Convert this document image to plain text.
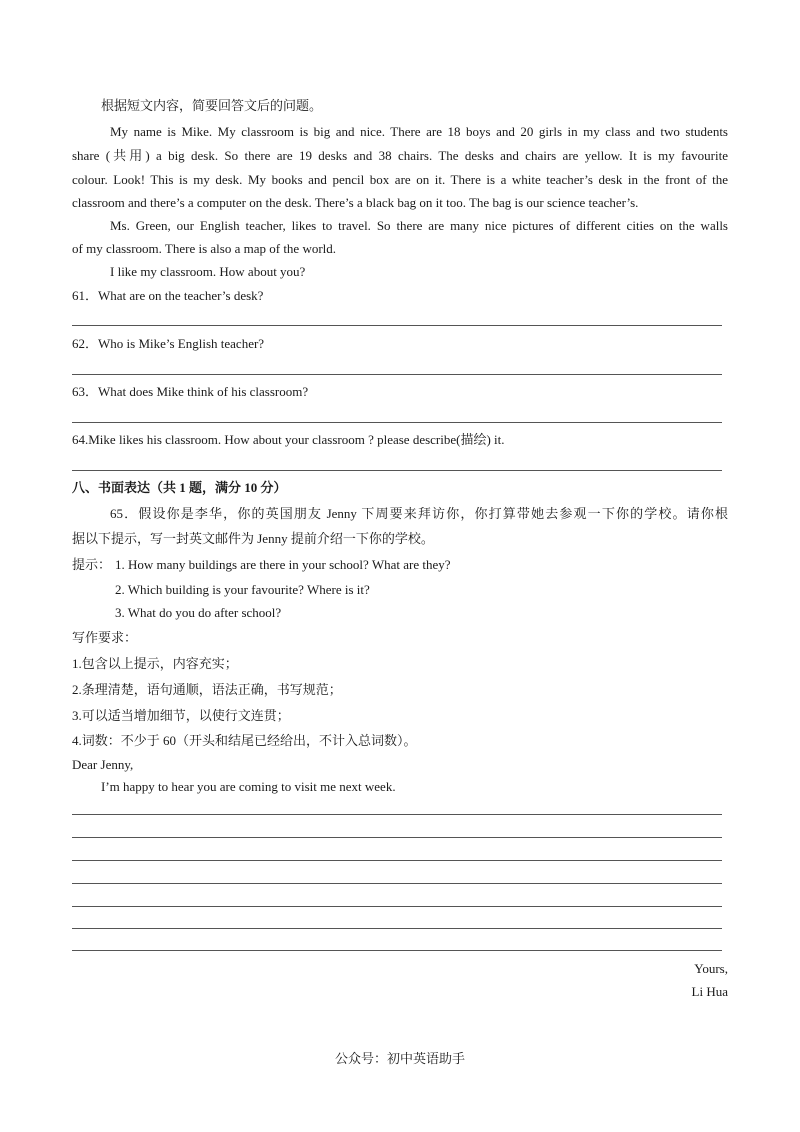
根据短文内容，简要回答文后的问题。
My name is Mike. My classroom is big and nice. There are 18 boys and 20 girls in my class and two students
share (共用) a big desk. So there are 19 desks and 38 chairs. The desks and chairs are yellow. It is my favourite
colour. Look! This is my desk. My books and pencil box are on it. There is a white teacher’s desk in the front of the
classroom and there’s a computer on the desk. There’s a black bag on it too. The bag is our science teacher’s.
Ms. Green, our English teacher, likes to travel. So there are many nice pictures of different cities on the walls
of my classroom. There is also a map of the world.
I like my classroom. How about you?
61．What are on the teacher’s desk?
62．Who is Mike’s English teacher?
63．What does Mike think of his classroom?
64.Mike likes his classroom. How about your classroom ? please describe(描绘) it.
八、书面表达（共 1 题，满分 10 分）
65．假设你是李华，你的英国朋友 Jenny 下周要来拜访你，你打算带她去参观一下你的学校。请你根
据以下提示，写一封英文邮件为 Jenny 提前介绍一下你的学校。
提示： 1. How many buildings are there in your school? What are they?
2. Which building is your favourite? Where is it?
3. What do you do after school?
写作要求：
1.包含以上提示，内容充实；
2.条理清楚，语句通顺，语法正确，书写规范；
3.可以适当增加细节，以使行文连贯；
4.词数：不少于 60（开头和结尾已经给出，不计入总词数）。
Dear Jenny,
I’m happy to hear you are coming to visit me next week.
Yours,
Li Hua
公众号：初中英语助手
